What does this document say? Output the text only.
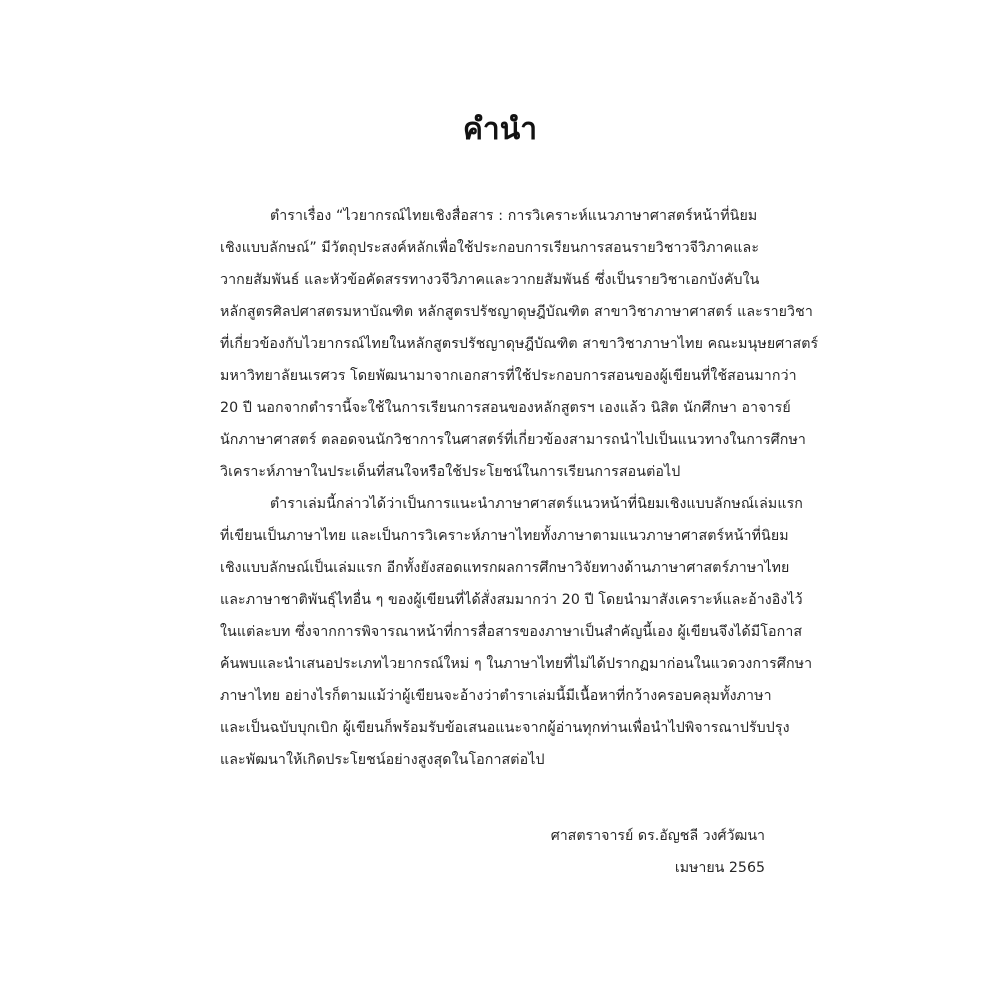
คำนำ
ตำราเรื่อง “ไวยากรณ์ไทยเชิงสื่อสาร : การวิเคราะห์แนวภาษาศาสตร์หน้าที่นิยม
เชิงแบบลักษณ์” มีวัตถุประสงค์หลักเพื่อใช้ประกอบการเรียนการสอนรายวิชาวจีวิภาคและ
วากยสัมพันธ์ และหัวข้อคัดสรรทางวจีวิภาคและวากยสัมพันธ์ ซึ่งเป็นรายวิชาเอกบังคับใน
หลักสูตรศิลปศาสตรมหาบัณฑิต หลักสูตรปรัชญาดุษฎีบัณฑิต สาขาวิชาภาษาศาสตร์ และรายวิชา
ที่เกี่ยวข้องกับไวยากรณ์ไทยในหลักสูตรปรัชญาดุษฎีบัณฑิต สาขาวิชาภาษาไทย คณะมนุษยศาสตร์
มหาวิทยาลัยนเรศวร โดยพัฒนามาจากเอกสารที่ใช้ประกอบการสอนของผู้เขียนที่ใช้สอนมากว่า
20 ปี นอกจากตำรานี้จะใช้ในการเรียนการสอนของหลักสูตรฯ เองแล้ว นิสิต นักศึกษา อาจารย์
นักภาษาศาสตร์ ตลอดจนนักวิชาการในศาสตร์ที่เกี่ยวข้องสามารถนำไปเป็นแนวทางในการศึกษา
วิเคราะห์ภาษาในประเด็นที่สนใจหรือใช้ประโยชน์ในการเรียนการสอนต่อไป
ตำราเล่มนี้กล่าวได้ว่าเป็นการแนะนำภาษาศาสตร์แนวหน้าที่นิยมเชิงแบบลักษณ์เล่มแรก
ที่เขียนเป็นภาษาไทย และเป็นการวิเคราะห์ภาษาไทยทั้งภาษาตามแนวภาษาศาสตร์หน้าที่นิยม
เชิงแบบลักษณ์เป็นเล่มแรก อีกทั้งยังสอดแทรกผลการศึกษาวิจัยทางด้านภาษาศาสตร์ภาษาไทย
และภาษาชาติพันธุ์ไทอื่น ๆ ของผู้เขียนที่ได้สั่งสมมากว่า 20 ปี โดยนำมาสังเคราะห์และอ้างอิงไว้
ในแต่ละบท ซึ่งจากการพิจารณาหน้าที่การสื่อสารของภาษาเป็นสำคัญนี้เอง ผู้เขียนจึงได้มีโอกาส
ค้นพบและนำเสนอประเภทไวยากรณ์ใหม่ ๆ ในภาษาไทยที่ไม่ได้ปรากฏมาก่อนในแวดวงการศึกษา
ภาษาไทย อย่างไรก็ตามแม้ว่าผู้เขียนจะอ้างว่าตำราเล่มนี้มีเนื้อหาที่กว้างครอบคลุมทั้งภาษา
และเป็นฉบับบุกเบิก ผู้เขียนก็พร้อมรับข้อเสนอแนะจากผู้อ่านทุกท่านเพื่อนำไปพิจารณาปรับปรุง
และพัฒนาให้เกิดประโยชน์อย่างสูงสุดในโอกาสต่อไป
ศาสตราจารย์ ดร.อัญชลี วงศ์วัฒนา
เมษายน 2565
